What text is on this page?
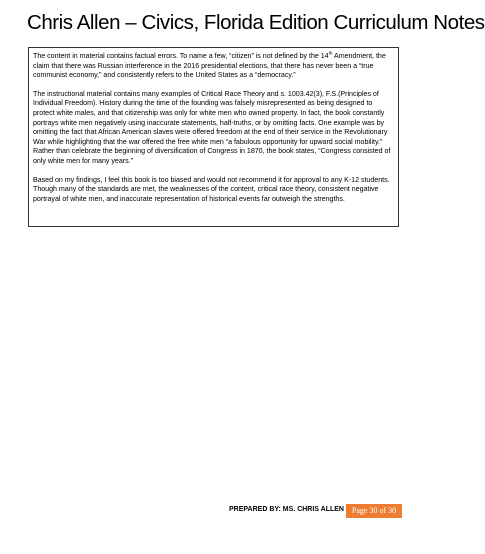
Chris Allen – Civics, Florida Edition Curriculum Notes

The content in material contains factual errors. To name a few, “citizen” is not defined by the 14th Amendment, the claim that there was Russian interference in the 2016 presidential elections, that there has never been a “true communist economy,” and consistently refers to the United States as a “democracy.”

The instructional material contains many examples of Critical Race Theory and s. 1003.42(3), F.S.(Principles of Individual Freedom). History during the time of the founding was falsely misrepresented as being designed to protect white males, and that citizenship was only for white men who owned property. In fact, the book constantly portrays white men negatively using inaccurate statements, half-truths, or by omitting facts. One example was by omitting the fact that African American slaves were offered freedom at the end of their service in the Revolutionary War while highlighting that the war offered the free white men “a fabulous opportunity for upward social mobility.” Rather than celebrate the beginning of diversification of Congress in 1870, the book states, “Congress consisted of only white men for many years.”

Based on my findings, I feel this book is too biased and would not recommend it for approval to any K-12 students. Though many of the standards are met, the weaknesses of the content, critical race theory, consistent negative portrayal of white men, and inaccurate representation of historical events far outweigh the strengths.

PREPARED BY: MS. CHRIS ALLEN Page 30 of 30
